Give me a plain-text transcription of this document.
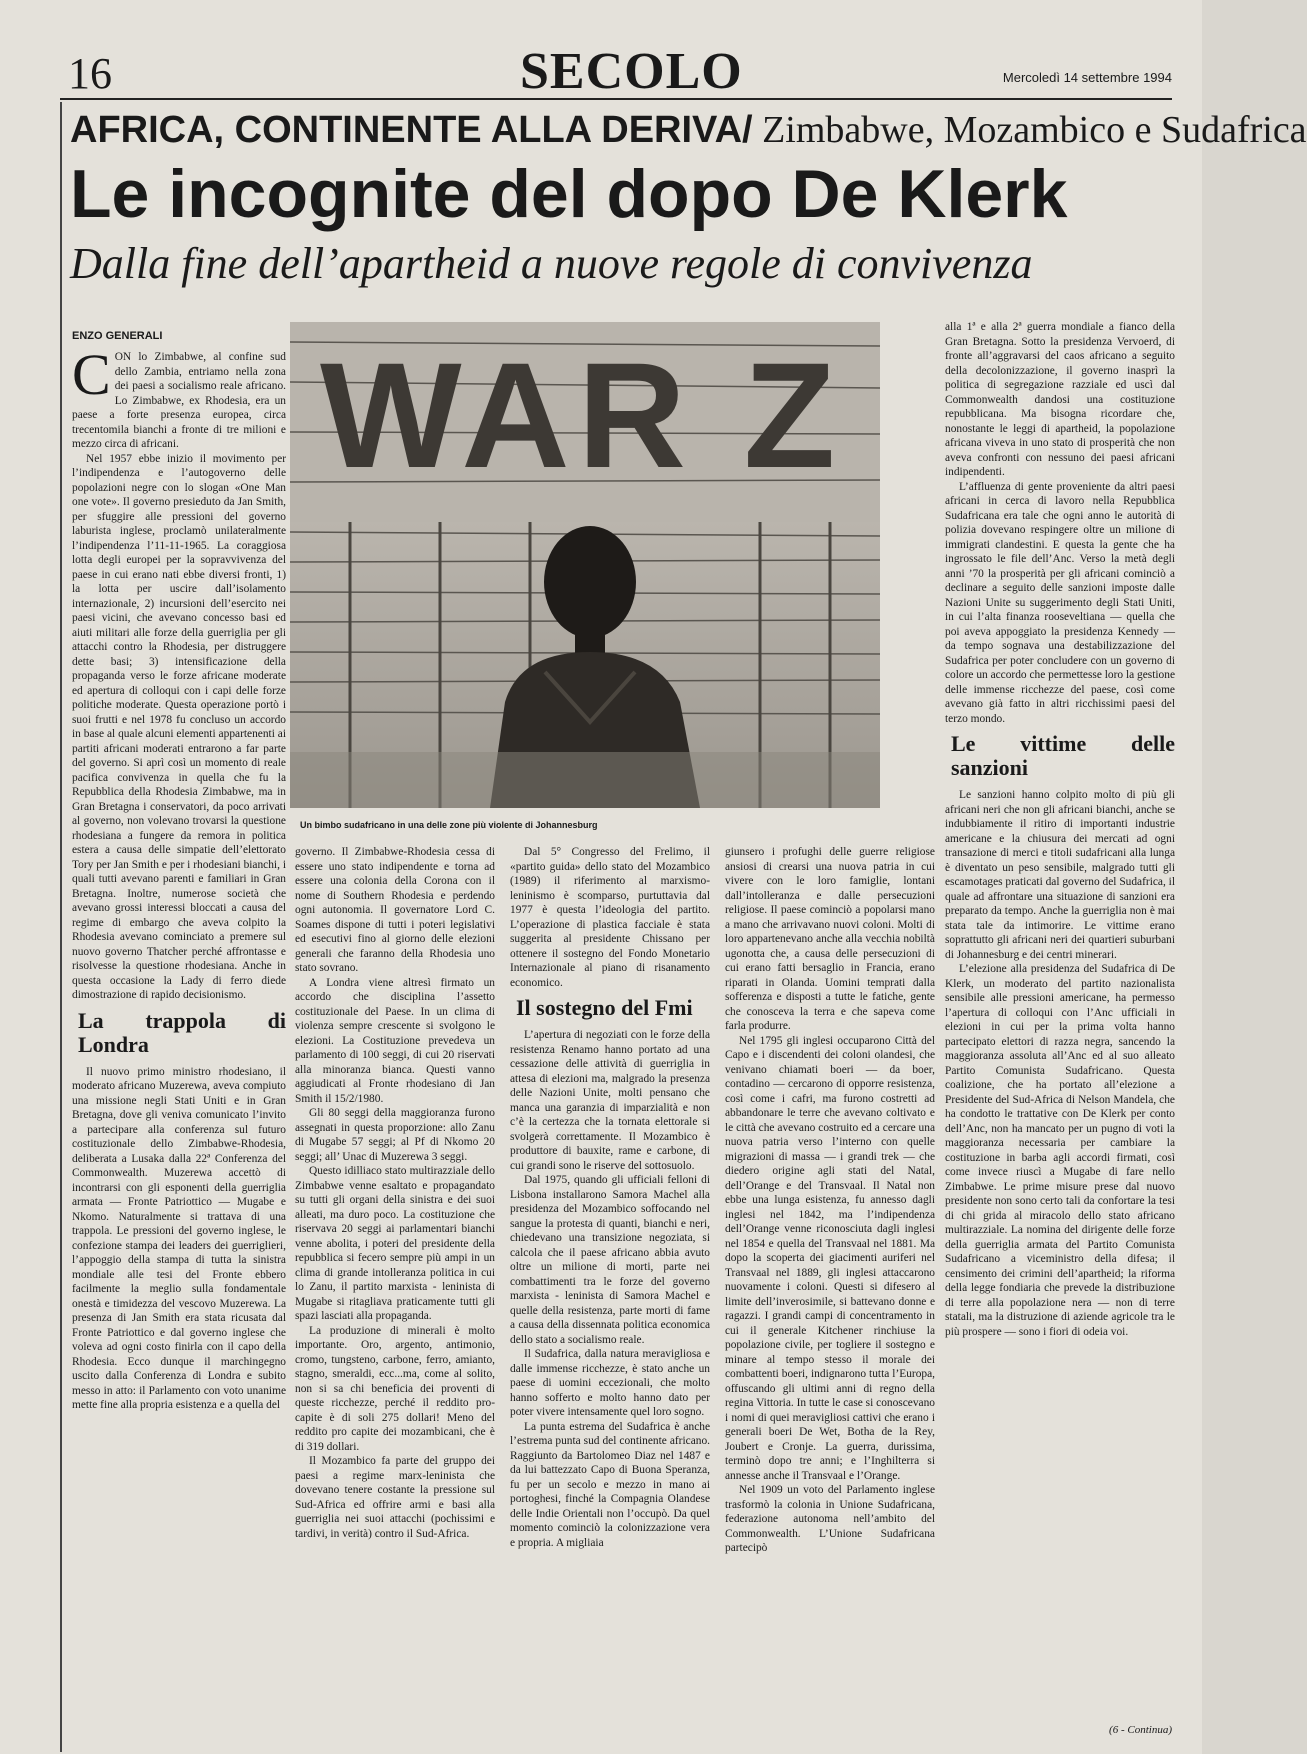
16	SECOLO	Mercoledì 14 settembre 1994
AFRICA, CONTINENTE ALLA DERIVA/ Zimbabwe, Mozambico e Sudafrica
Le incognite del dopo De Klerk
Dalla fine dell’apartheid a nuove regole di convivenza
ENZO GENERALI WAR Z
Un bimbo sudafricano in una delle zone più violente di Johannesburg

CON lo Zimbabwe, al confine sud dello Zambia, entriamo nella zona dei paesi a socialismo reale africano. Lo Zimbabwe, ex Rhodesia, era un paese a forte presenza europea, circa trecentomila bianchi a fronte di tre milioni e mezzo circa di africani.

Nel 1957 ebbe inizio il movimento per l’indipendenza e l’autogoverno delle popolazioni negre con lo slogan «One Man one vote». Il governo presieduto da Jan Smith, per sfuggire alle pressioni del governo laburista inglese, proclamò unilateralmente l’indipendenza l’11-11-1965. La coraggiosa lotta degli europei per la sopravvivenza del paese in cui erano nati ebbe diversi fronti, 1) la lotta per uscire dall’isolamento internazionale, 2) incursioni dell’esercito nei paesi vicini, che avevano concesso basi ed aiuti militari alle forze della guerriglia per gli attacchi contro la Rhodesia, per distruggere dette basi; 3) intensificazione della propaganda verso le forze africane moderate ed apertura di colloqui con i capi delle forze politiche moderate. Questa operazione portò i suoi frutti e nel 1978 fu concluso un accordo in base al quale alcuni elementi appartenenti ai partiti africani moderati entrarono a far parte del governo. Si aprì così un momento di reale pacifica convivenza in quella che fu la Repubblica della Rhodesia Zimbabwe, ma in Gran Bretagna i conservatori, da poco arrivati al governo, non volevano trovarsi la questione rhodesiana a fungere da remora in politica estera a causa delle simpatie dell’elettorato Tory per Jan Smith e per i rhodesiani bianchi, i quali tutti avevano parenti e familiari in Gran Bretagna. Inoltre, numerose società che avevano grossi interessi bloccati a causa del regime di embargo che aveva colpito la Rhodesia avevano cominciato a premere sul nuovo governo Thatcher perché affrontasse e risolvesse la questione rhodesiana. Anche in questa occasione la Lady di ferro diede dimostrazione di rapido decisionismo.

La trappola di Londra

Il nuovo primo ministro rhodesiano, il moderato africano Muzerewa, aveva compiuto una missione negli Stati Uniti e in Gran Bretagna, dove gli veniva comunicato l’invito a partecipare alla conferenza sul futuro costituzionale dello Zimbabwe-Rhodesia, deliberata a Lusaka dalla 22ª Conferenza del Commonwealth. Muzerewa accettò di incontrarsi con gli esponenti della guerriglia armata — Fronte Patriottico — Mugabe e Nkomo. Naturalmente si trattava di una trappola. Le pressioni del governo inglese, le confezione stampa dei leaders dei guerriglieri, l’appoggio della stampa di tutta la sinistra mondiale alle tesi del Fronte ebbero facilmente la meglio sulla fondamentale onestà e timidezza del vescovo Muzerewa. La presenza di Jan Smith era stata ricusata dal Fronte Patriottico e dal governo inglese che voleva ad ogni costo finirla con il capo della Rhodesia. Ecco dunque il marchingegno uscito dalla Conferenza di Londra e subito messo in atto: il Parlamento con voto unanime mette fine alla propria esistenza e a quella del

governo. Il Zimbabwe-Rhodesia cessa di essere uno stato indipendente e torna ad essere una colonia della Corona con il nome di Southern Rhodesia e perdendo ogni autonomia. Il governatore Lord C. Soames dispone di tutti i poteri legislativi ed esecutivi fino al giorno delle elezioni generali che faranno della Rhodesia uno stato sovrano.

A Londra viene altresì firmato un accordo che disciplina l’assetto costituzionale del Paese. In un clima di violenza sempre crescente si svolgono le elezioni. La Costituzione prevedeva un parlamento di 100 seggi, di cui 20 riservati alla minoranza bianca. Questi vanno aggiudicati al Fronte rhodesiano di Jan Smith il 15/2/1980.

Gli 80 seggi della maggioranza furono assegnati in questa proporzione: allo Zanu di Mugabe 57 seggi; al Pf di Nkomo 20 seggi; all’ Unac di Muzerewa 3 seggi.

Questo idilliaco stato multirazziale dello Zimbabwe venne esaltato e propagandato su tutti gli organi della sinistra e dei suoi alleati, ma duro poco. La costituzione che riservava 20 seggi ai parlamentari bianchi venne abolita, i poteri del presidente della repubblica si fecero sempre più ampi in un clima di grande intolleranza politica in cui lo Zanu, il partito marxista - leninista di Mugabe si ritagliava praticamente tutti gli spazi lasciati alla propaganda.

La produzione di minerali è molto importante. Oro, argento, antimonio, cromo, tungsteno, carbone, ferro, amianto, stagno, smeraldi, ecc...ma, come al solito, non si sa chi beneficia dei proventi di queste ricchezze, perché il reddito pro-capite è di soli 275 dollari! Meno del reddito pro capite dei mozambicani, che è di 319 dollari.

Il Mozambico fa parte del gruppo dei paesi a regime marx-leninista che dovevano tenere costante la pressione sul Sud-Africa ed offrire armi e basi alla guerriglia nei suoi attacchi (pochissimi e tardivi, in verità) contro il Sud-Africa.

Dal 5° Congresso del Frelimo, il «partito guida» dello stato del Mozambico (1989) il riferimento al marxismo-leninismo è scomparso, purtuttavia dal 1977 è questa l’ideologia del partito. L’operazione di plastica facciale è stata suggerita al presidente Chissano per ottenere il sostegno del Fondo Monetario Internazionale al piano di risanamento economico.

Il sostegno del Fmi

L’apertura di negoziati con le forze della resistenza Renamo hanno portato ad una cessazione delle attività di guerriglia in attesa di elezioni ma, malgrado la presenza delle Nazioni Unite, molti pensano che manca una garanzia di imparzialità e non c’è la certezza che la tornata elettorale si svolgerà correttamente. Il Mozambico è produttore di bauxite, rame e carbone, di cui grandi sono le riserve del sottosuolo.

Dal 1975, quando gli ufficiali felloni di Lisbona installarono Samora Machel alla presidenza del Mozambico soffocando nel sangue la protesta di quanti, bianchi e neri, chiedevano una transizione negoziata, si calcola che il paese africano abbia avuto oltre un milione di morti, parte nei combattimenti tra le forze del governo marxista - leninista di Samora Machel e quelle della resistenza, parte morti di fame a causa della dissennata politica economica dello stato a socialismo reale.

Il Sudafrica, dalla natura meravigliosa e dalle immense ricchezze, è stato anche un paese di uomini eccezionali, che molto hanno sofferto e molto hanno dato per poter vivere intensamente quel loro sogno.

La punta estrema del Sudafrica è anche l’estrema punta sud del continente africano. Raggiunto da Bartolomeo Diaz nel 1487 e da lui battezzato Capo di Buona Speranza, fu per un secolo e mezzo in mano ai portoghesi, finché la Compagnia Olandese delle Indie Orientali non l’occupò. Da quel momento cominciò la colonizzazione vera e propria. A migliaia

giunsero i profughi delle guerre religiose ansiosi di crearsi una nuova patria in cui vivere con le loro famiglie, lontani dall’intolleranza e dalle persecuzioni religiose. Il paese cominciò a popolarsi mano a mano che arrivavano nuovi coloni. Molti di loro appartenevano anche alla vecchia nobiltà ugonotta che, a causa delle persecuzioni di cui erano fatti bersaglio in Francia, erano riparati in Olanda. Uomini temprati dalla sofferenza e disposti a tutte le fatiche, gente che conosceva la terra e che sapeva come farla produrre.

Nel 1795 gli inglesi occuparono Città del Capo e i discendenti dei coloni olandesi, che venivano chiamati boeri — da boer, contadino — cercarono di opporre resistenza, così come i cafri, ma furono costretti ad abbandonare le terre che avevano coltivato e le città che avevano costruito ed a cercare una nuova patria verso l’interno con quelle migrazioni di massa — i grandi trek — che diedero origine agli stati del Natal, dell’Orange e del Transvaal. Il Natal non ebbe una lunga esistenza, fu annesso dagli inglesi nel 1842, ma l’indipendenza dell’Orange venne riconosciuta dagli inglesi nel 1854 e quella del Transvaal nel 1881. Ma dopo la scoperta dei giacimenti auriferi nel Transvaal nel 1889, gli inglesi attaccarono nuovamente i coloni. Questi si difesero al limite dell’inverosimile, si battevano donne e ragazzi. I grandi campi di concentramento in cui il generale Kitchener rinchiuse la popolazione civile, per togliere il sostegno e minare al tempo stesso il morale dei combattenti boeri, indignarono tutta l’Europa, offuscando gli ultimi anni di regno della regina Vittoria. In tutte le case si conoscevano i nomi di quei meravigliosi cattivi che erano i generali boeri De Wet, Botha de la Rey, Joubert e Cronje. La guerra, durissima, terminò dopo tre anni; e l’Inghilterra si annesse anche il Transvaal e l’Orange.

Nel 1909 un voto del Parlamento inglese trasformò la colonia in Unione Sudafricana, federazione autonoma nell’ambito del Commonwealth. L’Unione Sudafricana partecipò

alla 1ª e alla 2ª guerra mondiale a fianco della Gran Bretagna. Sotto la presidenza Vervoerd, di fronte all’aggravarsi del caos africano a seguito della decolonizzazione, il governo inasprì la politica di segregazione razziale ed uscì dal Commonwealth dandosi una costituzione repubblicana. Ma bisogna ricordare che, nonostante le leggi di apartheid, la popolazione africana viveva in uno stato di prosperità che non aveva confronti con nessuno dei paesi africani indipendenti.

L’affluenza di gente proveniente da altri paesi africani in cerca di lavoro nella Repubblica Sudafricana era tale che ogni anno le autorità di polizia dovevano respingere oltre un milione di immigrati clandestini. E questa la gente che ha ingrossato le file dell’Anc. Verso la metà degli anni ’70 la prosperità per gli africani cominciò a declinare a seguito delle sanzioni imposte dalle Nazioni Unite su suggerimento degli Stati Uniti, in cui l’alta finanza rooseveltiana — quella che poi aveva appoggiato la presidenza Kennedy — da tempo sognava una destabilizzazione del Sudafrica per poter concludere con un governo di colore un accordo che permettesse loro la gestione delle immense ricchezze del paese, così come avevano già fatto in altri ricchissimi paesi del terzo mondo.

Le vittime delle sanzioni

Le sanzioni hanno colpito molto di più gli africani neri che non gli africani bianchi, anche se indubbiamente il ritiro di importanti industrie americane e la chiusura dei mercati ad ogni transazione di merci e titoli sudafricani alla lunga è diventato un peso sensibile, malgrado tutti gli escamotages praticati dal governo del Sudafrica, il quale ad affrontare una situazione di sanzioni era preparato da tempo. Anche la guerriglia non è mai stata tale da intimorire. Le vittime erano soprattutto gli africani neri dei quartieri suburbani di Johannesburg e dei centri minerari.

L’elezione alla presidenza del Sudafrica di De Klerk, un moderato del partito nazionalista sensibile alle pressioni americane, ha permesso l’apertura di colloqui con l’Anc ufficiali in elezioni in cui per la prima volta hanno partecipato elettori di razza negra, sancendo la maggioranza assoluta all’Anc ed al suo alleato Partito Comunista Sudafricano. Questa coalizione, che ha portato all’elezione a Presidente del Sud-Africa di Nelson Mandela, che ha condotto le trattative con De Klerk per conto dell’Anc, non ha mancato per un pugno di voti la maggioranza necessaria per cambiare la costituzione in barba agli accordi firmati, così come invece riuscì a Mugabe di fare nello Zimbabwe. Le prime misure prese dal nuovo presidente non sono certo tali da confortare la tesi di chi grida al miracolo dello stato africano multirazziale. La nomina del dirigente delle forze della guerriglia armata del Partito Comunista Sudafricano a viceministro della difesa; il censimento dei crimini dell’apartheid; la riforma della legge fondiaria che prevede la distribuzione di terre alla popolazione nera — non di terre statali, ma la distruzione di aziende agricole tra le più prospere — sono i fiori di odeia voi.

(6 - Continua)
